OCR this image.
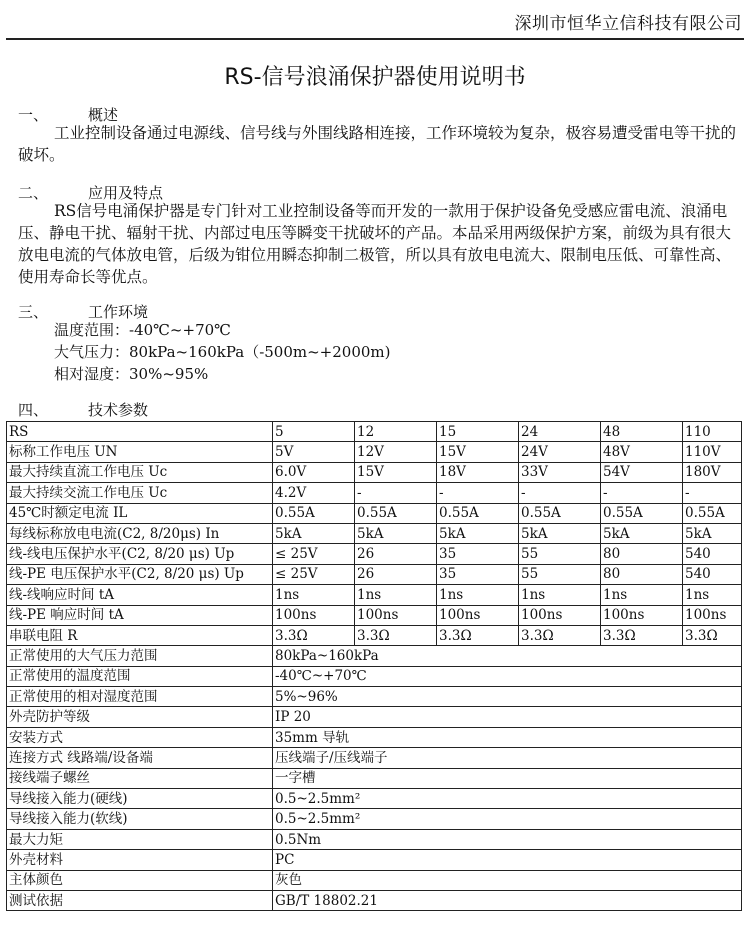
深圳市恒华立信科技有限公司
RS-信号浪涌保护器使用说明书
一、	概述
工业控制设备通过电源线、信号线与外围线路相连接，工作环境较为复杂，极容易遭受雷电等干扰的破坏。
二、	应用及特点
RS信号电涌保护器是专门针对工业控制设备等而开发的一款用于保护设备免受感应雷电流、浪涌电压、静电干扰、辐射干扰、内部过电压等瞬变干扰破坏的产品。本品采用两级保护方案，前级为具有很大放电电流的气体放电管，后级为钳位用瞬态抑制二极管，所以具有放电电流大、限制电压低、可靠性高、使用寿命长等优点。
三、	工作环境
温度范围：-40℃~+70℃
大气压力：80kPa~160kPa（-500m~+2000m)
相对湿度：30%~95%
四、	技术参数
RS	5	12	15	24	48	110
标称工作电压 UN	5V	12V	15V	24V	48V	110V
最大持续直流工作电压 Uc	6.0V	15V	18V	33V	54V	180V
最大持续交流工作电压 Uc	4.2V	-	-	-	-	-
45℃时额定电流 IL	0.55A	0.55A	0.55A	0.55A	0.55A	0.55A
每线标称放电电流(C2, 8/20μs) In	5kA	5kA	5kA	5kA	5kA	5kA
线-线电压保护水平(C2, 8/20 μs) Up	≤ 25V	26	35	55	80	540
线-PE 电压保护水平(C2, 8/20 μs) Up	≤ 25V	26	35	55	80	540
线-线响应时间 tA	1ns	1ns	1ns	1ns	1ns	1ns
线-PE 响应时间 tA	100ns	100ns	100ns	100ns	100ns	100ns
串联电阻 R	3.3Ω	3.3Ω	3.3Ω	3.3Ω	3.3Ω	3.3Ω
正常使用的大气压力范围	80kPa~160kPa					
正常使用的温度范围	-40℃~+70℃					
正常使用的相对湿度范围	5%~96%					
外壳防护等级	IP 20					
安装方式	35mm 导轨					
连接方式 线路端/设备端	压线端子/压线端子					
接线端子螺丝	一字槽					
导线接入能力(硬线)	0.5~2.5mm²					
导线接入能力(软线)	0.5~2.5mm²					
最大力矩	0.5Nm					
外壳材料	PC					
主体颜色	灰色					
测试依据	GB/T 18802.21					
